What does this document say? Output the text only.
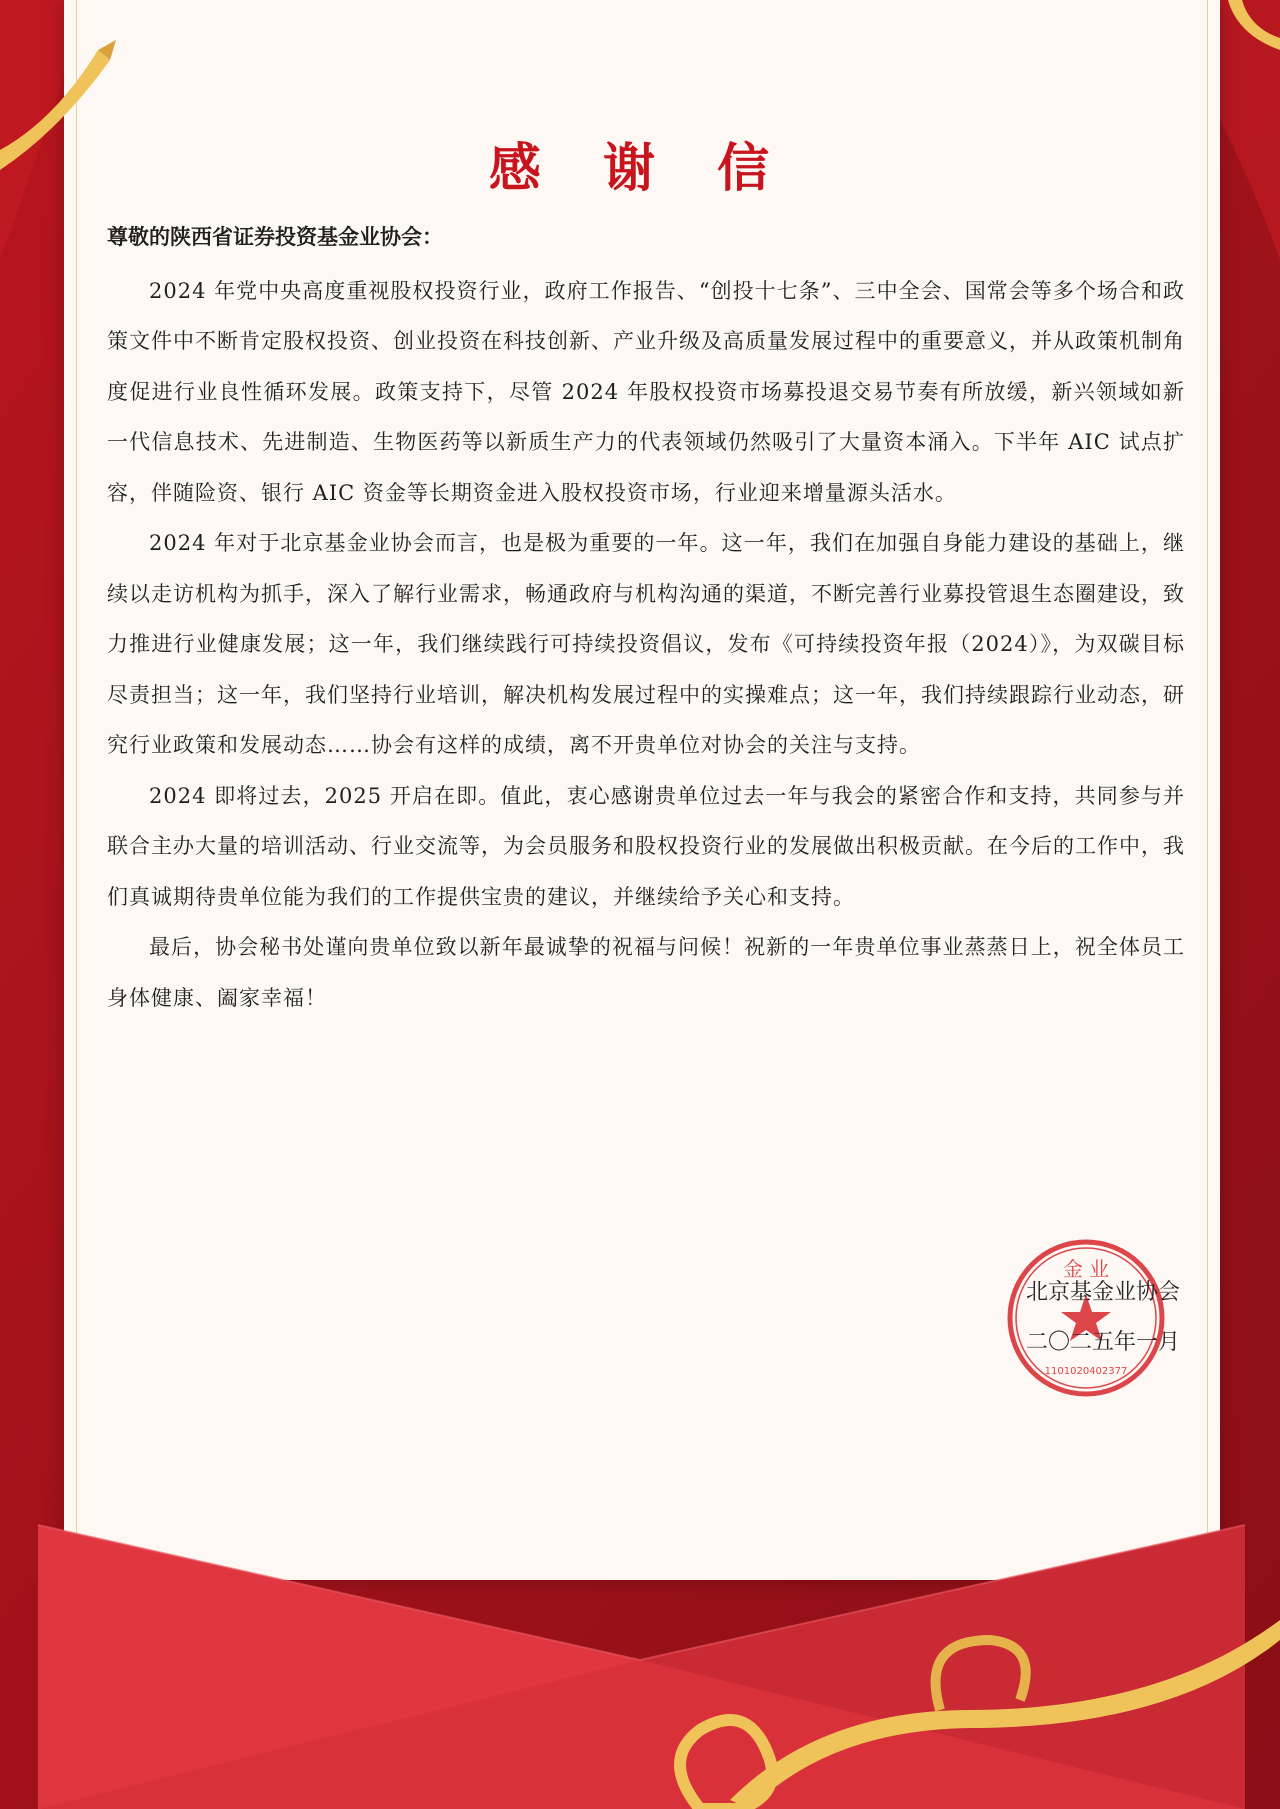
感 谢 信

尊敬的陕西省证券投资基金业协会：

2024 年党中央高度重视股权投资行业，政府工作报告、“创投十七条”、三中全会、国常会等多个场合和政策文件中不断肯定股权投资、创业投资在科技创新、产业升级及高质量发展过程中的重要意义，并从政策机制角度促进行业良性循环发展。政策支持下，尽管 2024 年股权投资市场募投退交易节奏有所放缓，新兴领域如新一代信息技术、先进制造、生物医药等以新质生产力的代表领域仍然吸引了大量资本涌入。下半年 AIC 试点扩容，伴随险资、银行 AIC 资金等长期资金进入股权投资市场，行业迎来增量源头活水。

2024 年对于北京基金业协会而言，也是极为重要的一年。这一年，我们在加强自身能力建设的基础上，继续以走访机构为抓手，深入了解行业需求，畅通政府与机构沟通的渠道，不断完善行业募投管退生态圈建设，致力推进行业健康发展；这一年，我们继续践行可持续投资倡议，发布《可持续投资年报（2024）》，为双碳目标尽责担当；这一年，我们坚持行业培训，解决机构发展过程中的实操难点；这一年，我们持续跟踪行业动态，研究行业政策和发展动态……协会有这样的成绩，离不开贵单位对协会的关注与支持。

2024 即将过去，2025 开启在即。值此，衷心感谢贵单位过去一年与我会的紧密合作和支持，共同参与并联合主办大量的培训活动、行业交流等，为会员服务和股权投资行业的发展做出积极贡献。在今后的工作中，我们真诚期待贵单位能为我们的工作提供宝贵的建议，并继续给予关心和支持。

最后，协会秘书处谨向贵单位致以新年最诚挚的祝福与问候！祝新的一年贵单位事业蒸蒸日上，祝全体员工身体健康、阖家幸福！

金 业
1101020402377
北京基金业协会
二〇二五年一月
